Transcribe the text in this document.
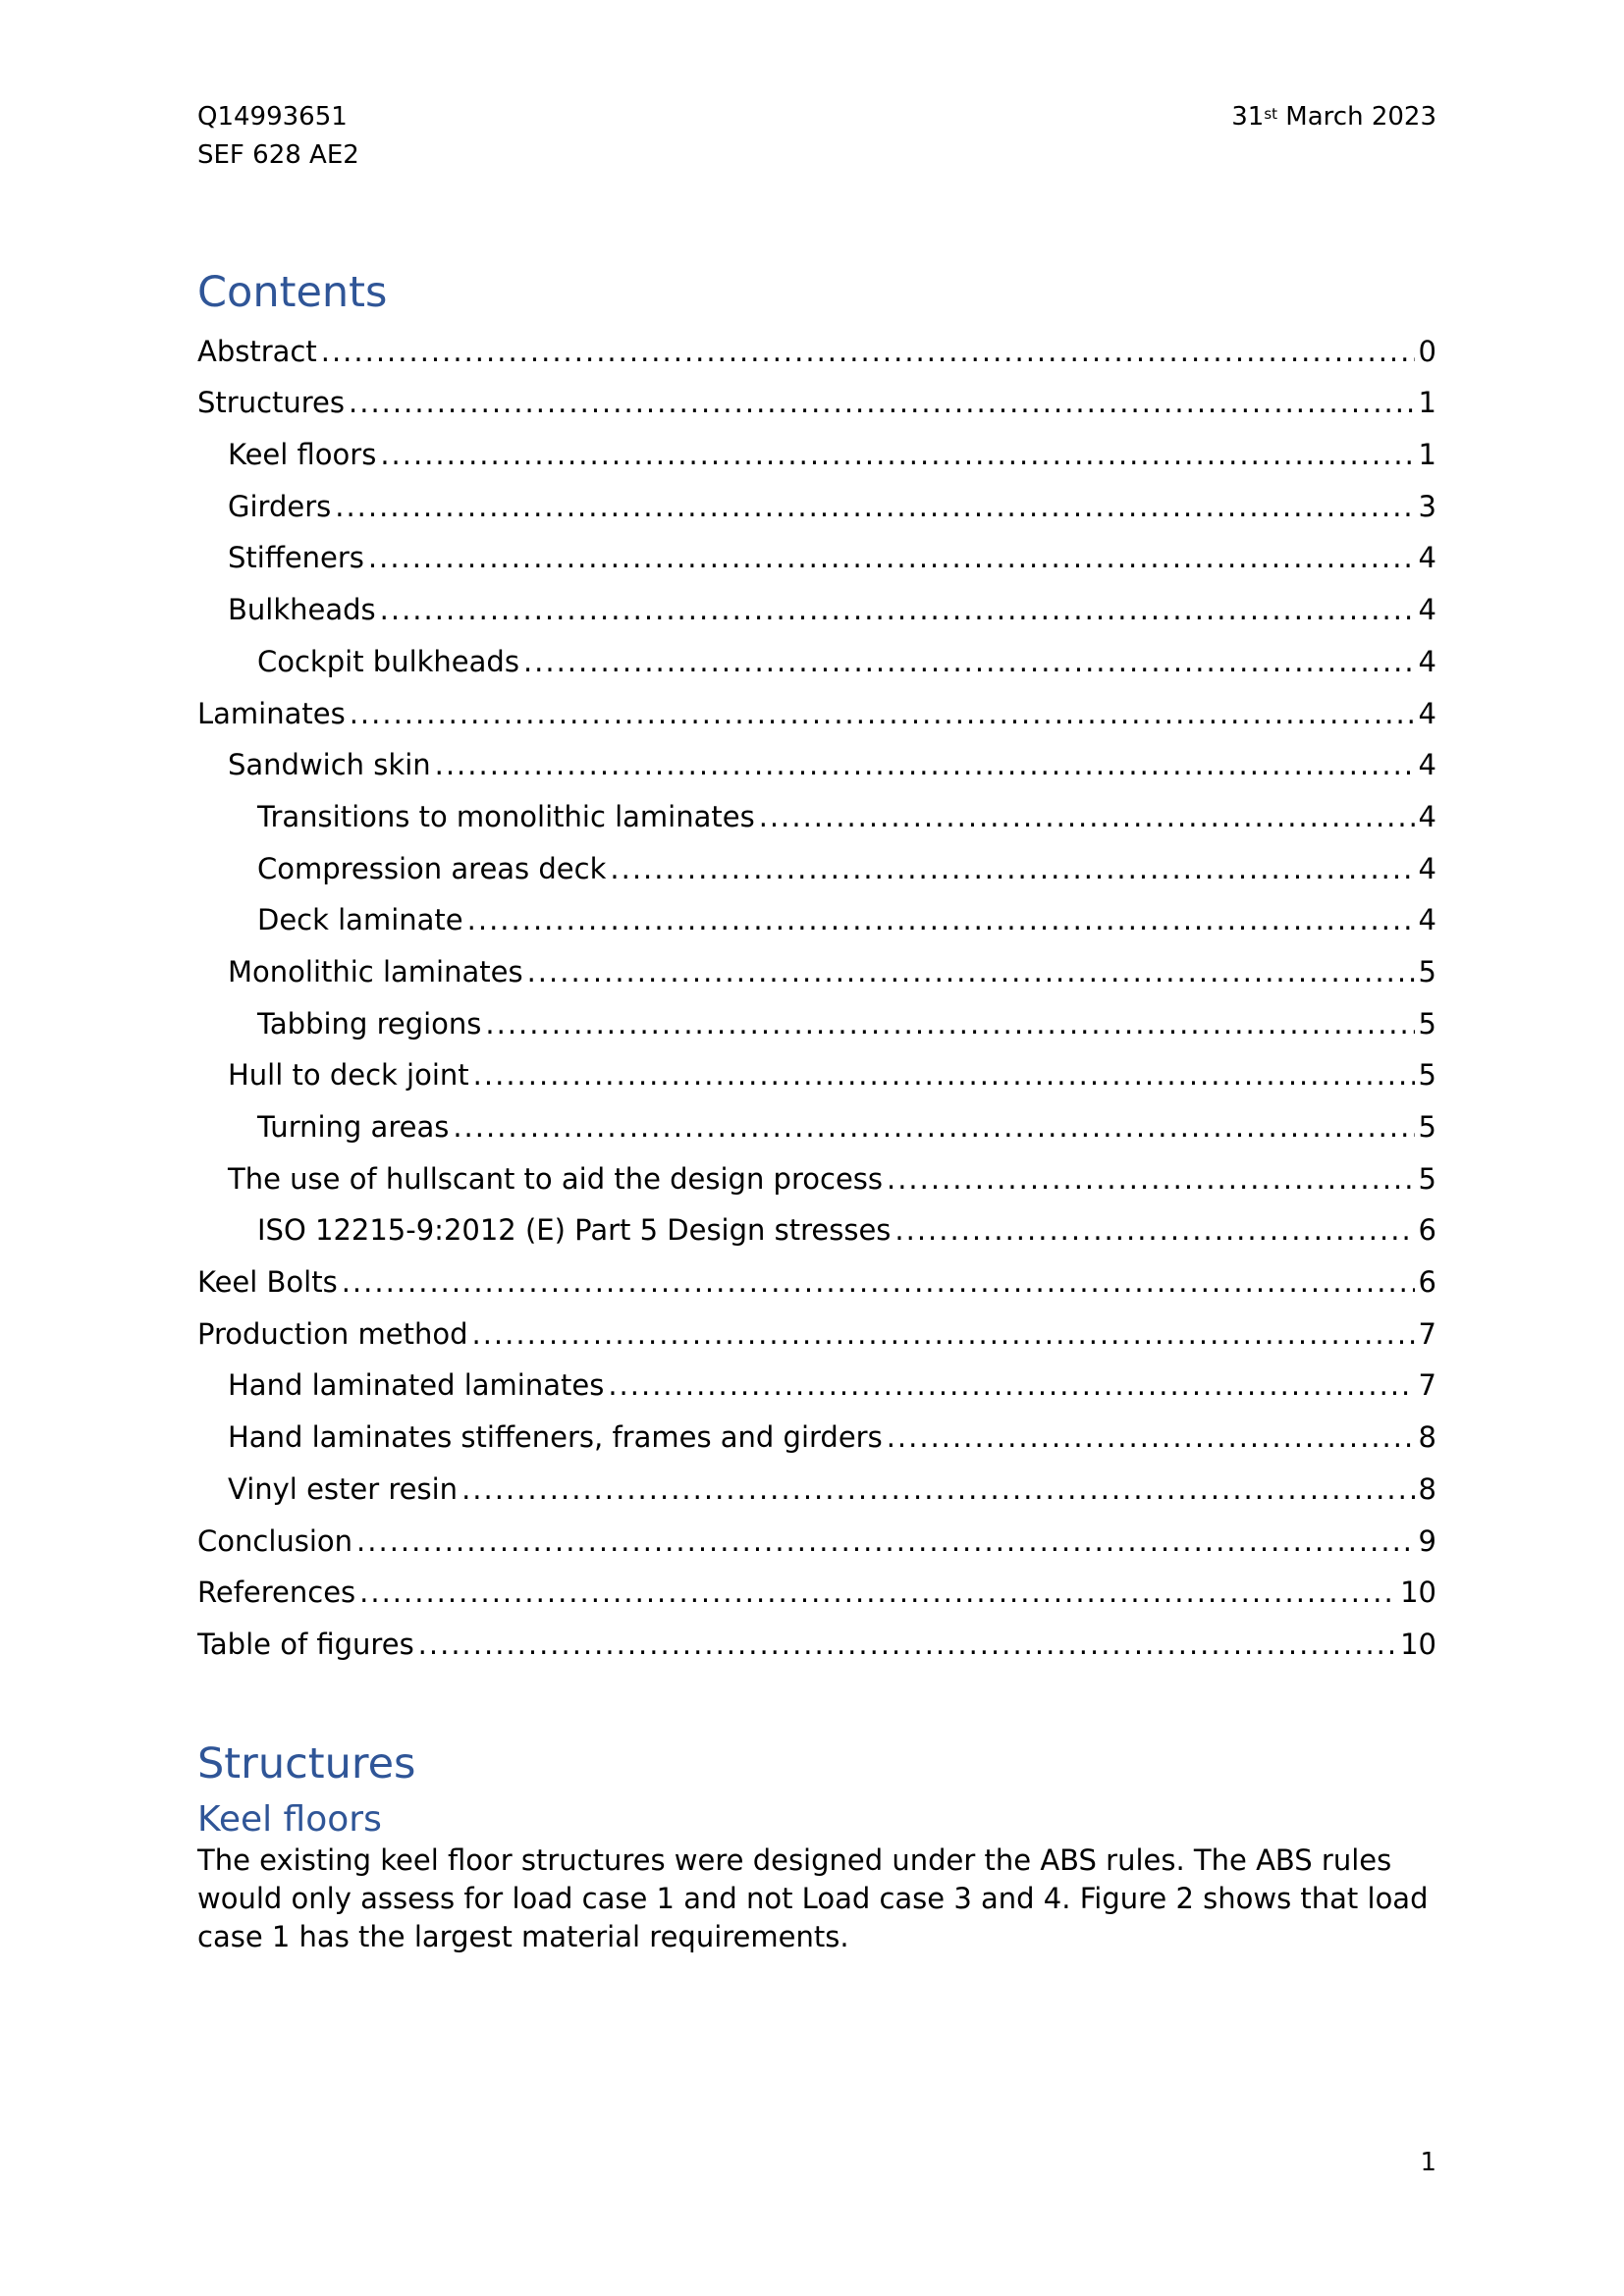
Q14993651
SEF 628 AE2
31st March 2023
Contents
Abstract .....	0
Structures .....	1
Keel floors .....	1
Girders .....	3
Stiffeners .....	4
Bulkheads .....	4
Cockpit bulkheads .....	4
Laminates .....	4
Sandwich skin .....	4
Transitions to monolithic laminates .....	4
Compression areas deck .....	4
Deck laminate .....	4
Monolithic laminates .....	5
Tabbing regions .....	5
Hull to deck joint .....	5
Turning areas .....	5
The use of hullscant to aid the design process .....	5
ISO 12215-9:2012 (E) Part 5 Design stresses .....	6
Keel Bolts .....	6
Production method .....	7
Hand laminated laminates .....	7
Hand laminates stiffeners, frames and girders .....	8
Vinyl ester resin .....	8
Conclusion .....	9
References .....	10
Table of figures .....	10
Structures
Keel floors

The existing keel floor structures were designed under the ABS rules. The ABS rules would only assess for load case 1 and not Load case 3 and 4. Figure 2 shows that load case 1 has the largest material requirements.

1
